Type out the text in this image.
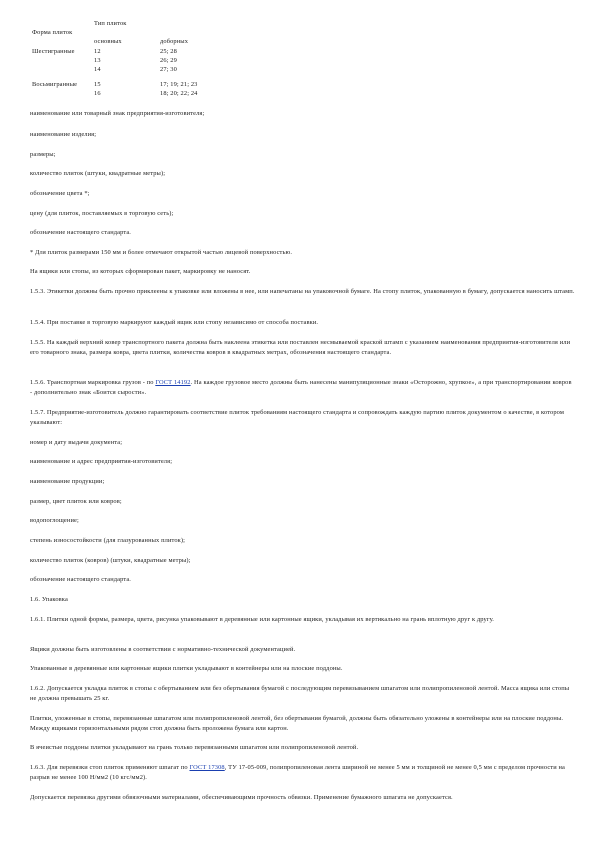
Форма плиток
Тип плиток
основных	доборных
Шестигранные	12	25; 28
13	26; 29
14	27; 30
Восьмигранные	15	17; 19; 21; 23
16	18; 20; 22; 24
наименование или товарный знак предприятия-изготовителя;
наименование изделия;
размеры;
количество плиток (штуки, квадратные метры);
обозначение цвета *;
цену (для плиток, поставляемых в торговую сеть);
обозначение настоящего стандарта.
* Для плиток размерами 150 мм и более отмечают открытой частью лицевой поверхностью.
На ящики или стопы, из которых сформирован пакет, маркировку не наносят.
1.5.3. Этикетки должны быть прочно приклеены к упаковке или вложены в нее, или напечатаны на упаковочной бумаге. На стопу плиток, упакованную в бумагу, допускается наносить штамп.
1.5.4. При поставке в торговую маркируют каждый ящик или стопу независимо от способа поставки.
1.5.5. На каждый верхний ковер транспортного пакета должна быть наклеена этикетка или поставлен несмываемой краской штамп с указанием наименования предприятия-изготовителя или его товарного знака, размера ковра, цвета плитки, количества ковров в квадратных метрах, обозначения настоящего стандарта.
1.5.6. Транспортная маркировка грузов - по ГОСТ 14192. На каждое грузовое место должны быть нанесены манипуляционные знаки «Осторожно, хрупкое», а при транспортировании ковров - дополнительно знак «Боится сырости».
1.5.7. Предприятие-изготовитель должно гарантировать соответствие плиток требованиям настоящего стандарта и сопровождать каждую партию плиток документом о качестве, в котором указывают:
номер и дату выдачи документа;
наименование и адрес предприятия-изготовителя;
наименование продукции;
размер, цвет плиток или ковров;
водопоглощение;
степень износостойкости (для глазурованных плиток);
количество плиток (ковров) (штуки, квадратные метры);
обозначение настоящего стандарта.
1.6. Упаковка
1.6.1. Плитки одной формы, размера, цвета, рисунка упаковывают в деревянные или картонные ящики, укладывая их вертикально на грань вплотную друг к другу.
Ящики должны быть изготовлены в соответствии с нормативно-технической документацией.
Упакованные в деревянные или картонные ящики плитки укладывают в контейнеры или на плоские поддоны.
1.6.2. Допускается укладка плиток в стопы с обертыванием или без обертывания бумагой с последующим перевязыванием шпагатом или полипропиленовой лентой. Масса ящика или стопы не должна превышать 25 кг.
Плитки, уложенные в стопы, перевязанные шпагатом или полипропиленовой лентой, без обертывания бумагой, должны быть обязательно уложены в контейнеры или на плоские поддоны. Между ящиками горизонтальными рядом стоп должна быть проложена бумага или картон.
В ячеистые поддоны плитки укладывают на грань только перевязанными шпагатом или полипропиленовой лентой.
1.6.3. Для перевязки стоп плиток применяют шпагат по ГОСТ 17308, ТУ 17-05-009, полипропиленовая лента шириной не менее 5 мм и толщиной не менее 0,5 мм с пределом прочности на разрыв не менее 100 Н/мм2 (10 кгс/мм2).
Допускается перевязка другими обвязочными материалами, обеспечивающими прочность обвязки. Применение бумажного шпагата не допускается.
